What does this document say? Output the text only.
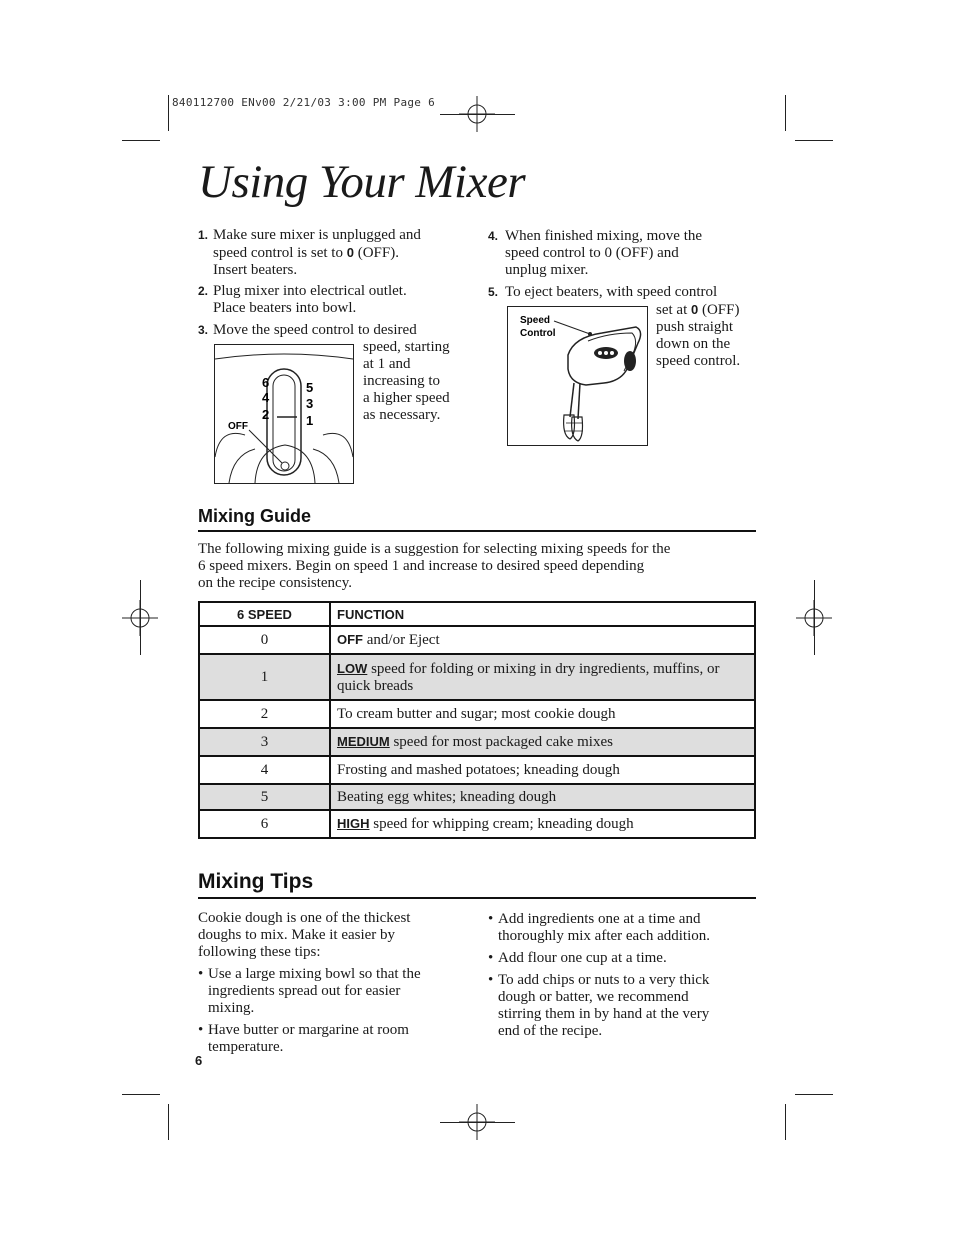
840112700 ENv00 2/21/03 3:00 PM Page 6
Using Your Mixer
1. Make sure mixer is unplugged and
speed control is set to 0 (OFF).
Insert beaters.
2. Plug mixer into electrical outlet.
Place beaters into bowl.
3. Move the speed control to desired
speed, starting
at 1 and
increasing to
a higher speed
as necessary.
6
4
2
5
3
1
OFF
4. When finished mixing, move the
speed control to 0 (OFF) and
unplug mixer.
5. To eject beaters, with speed control
set at 0 (OFF)
push straight
down on the
speed control.
Speed
Control
Mixing Guide
The following mixing guide is a suggestion for selecting mixing speeds for the
6 speed mixers. Begin on speed 1 and increase to desired speed depending
on the recipe consistency.
6 SPEED	FUNCTION
0	OFF and/or Eject
1	LOW speed for folding or mixing in dry ingredients, muffins, or quick breads
2	To cream butter and sugar; most cookie dough
3	MEDIUM speed for most packaged cake mixes
4	Frosting and mashed potatoes; kneading dough
5	Beating egg whites; kneading dough
6	HIGH speed for whipping cream; kneading dough
Mixing Tips
Cookie dough is one of the thickest
doughs to mix. Make it easier by
following these tips:
• Use a large mixing bowl so that the
ingredients spread out for easier
mixing.
• Have butter or margarine at room
temperature.
• Add ingredients one at a time and
thoroughly mix after each addition.
• Add flour one cup at a time.
• To add chips or nuts to a very thick
dough or batter, we recommend
stirring them in by hand at the very
end of the recipe.
6
